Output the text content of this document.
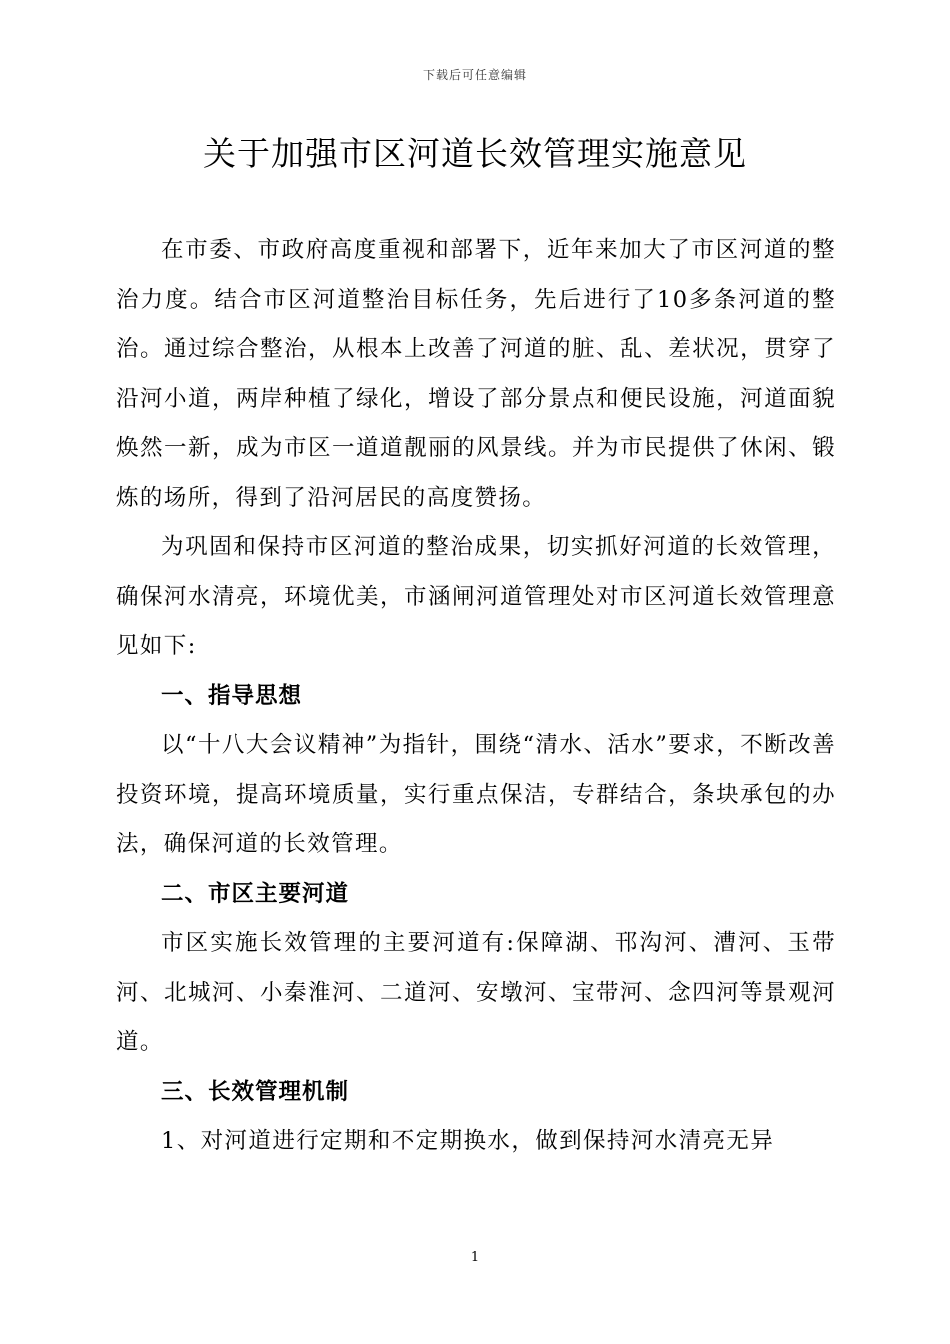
下载后可任意编辑
关于加强市区河道长效管理实施意见

在市委、市政府高度重视和部署下，近年来加大了市区河道的整治力度。结合市区河道整治目标任务，先后进行了10多条河道的整治。通过综合整治，从根本上改善了河道的脏、乱、差状况，贯穿了沿河小道，两岸种植了绿化，增设了部分景点和便民设施，河道面貌焕然一新，成为市区一道道靓丽的风景线。并为市民提供了休闲、锻炼的场所，得到了沿河居民的高度赞扬。

为巩固和保持市区河道的整治成果，切实抓好河道的长效管理，确保河水清亮，环境优美，市涵闸河道管理处对市区河道长效管理意见如下:

一、指导思想

以“十八大会议精神”为指针，围绕“清水、活水”要求，不断改善投资环境，提高环境质量，实行重点保洁，专群结合，条块承包的办法，确保河道的长效管理。

二、市区主要河道

市区实施长效管理的主要河道有:保障湖、邗沟河、漕河、玉带河、北城河、小秦淮河、二道河、安墩河、宝带河、念四河等景观河道。

三、长效管理机制

1、对河道进行定期和不定期换水，做到保持河水清亮无异

1
